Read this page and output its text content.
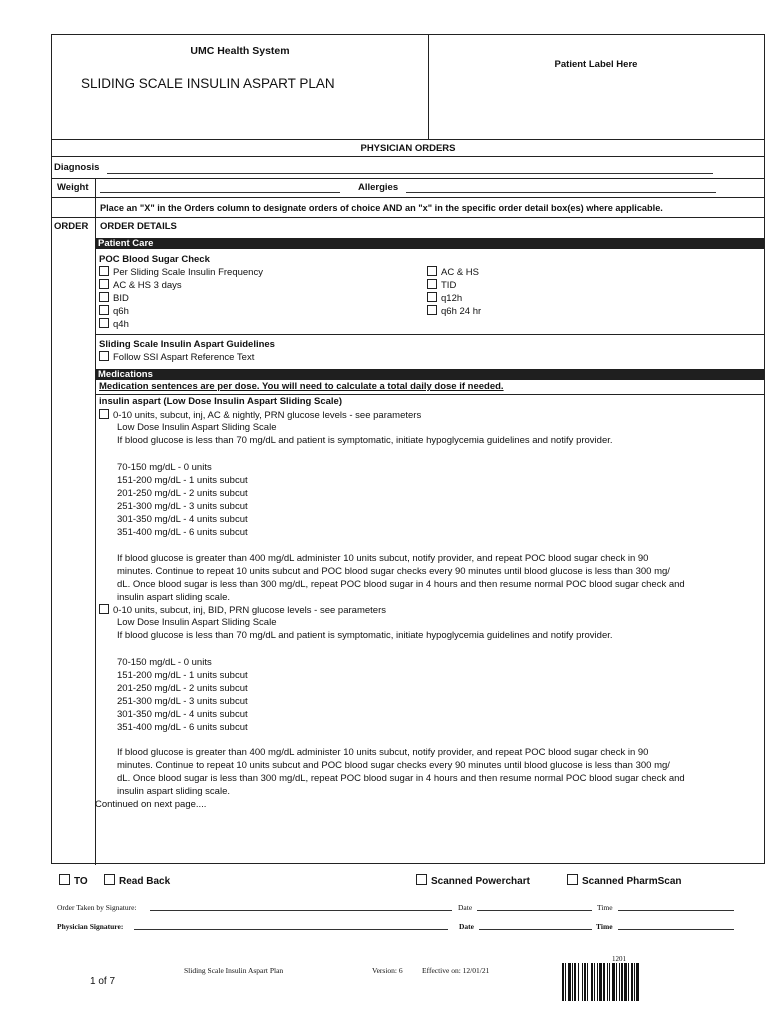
UMC Health System
SLIDING SCALE INSULIN ASPART PLAN
Patient Label Here
PHYSICIAN ORDERS
Diagnosis
Weight	Allergies
Place an "X" in the Orders column to designate orders of choice AND an "x" in the specific order detail box(es) where applicable.
ORDER ORDER DETAILS
Patient Care
POC Blood Sugar Check
Per Sliding Scale Insulin Frequency
AC & HS 3 days
BID
q6h
q4h
AC & HS
TID
q12h
q6h 24 hr
Sliding Scale Insulin Aspart Guidelines
Follow SSI Aspart Reference Text
Medications
Medication sentences are per dose. You will need to calculate a total daily dose if needed.
insulin aspart (Low Dose Insulin Aspart Sliding Scale)
0-10 units, subcut, inj, AC & nightly, PRN glucose levels - see parameters
Low Dose Insulin Aspart Sliding Scale
If blood glucose is less than 70 mg/dL and patient is symptomatic, initiate hypoglycemia guidelines and notify provider.
70-150 mg/dL - 0 units
151-200 mg/dL - 1 units subcut
201-250 mg/dL - 2 units subcut
251-300 mg/dL - 3 units subcut
301-350 mg/dL - 4 units subcut
351-400 mg/dL - 6 units subcut
If blood glucose is greater than 400 mg/dL administer 10 units subcut, notify provider, and repeat POC blood sugar check in 90
minutes. Continue to repeat 10 units subcut and POC blood sugar checks every 90 minutes until blood glucose is less than 300 mg/
dL. Once blood sugar is less than 300 mg/dL, repeat POC blood sugar in 4 hours and then resume normal POC blood sugar check and
insulin aspart sliding scale.
0-10 units, subcut, inj, BID, PRN glucose levels - see parameters
Low Dose Insulin Aspart Sliding Scale
If blood glucose is less than 70 mg/dL and patient is symptomatic, initiate hypoglycemia guidelines and notify provider.
70-150 mg/dL - 0 units
151-200 mg/dL - 1 units subcut
201-250 mg/dL - 2 units subcut
251-300 mg/dL - 3 units subcut
301-350 mg/dL - 4 units subcut
351-400 mg/dL - 6 units subcut
If blood glucose is greater than 400 mg/dL administer 10 units subcut, notify provider, and repeat POC blood sugar check in 90
minutes. Continue to repeat 10 units subcut and POC blood sugar checks every 90 minutes until blood glucose is less than 300 mg/
dL. Once blood sugar is less than 300 mg/dL, repeat POC blood sugar in 4 hours and then resume normal POC blood sugar check and
insulin aspart sliding scale.
Continued on next page....
TO	Read Back	Scanned Powerchart	Scanned PharmScan
Order Taken by Signature:	Date	Time
Physician Signature:	Date	Time
Sliding Scale Insulin Aspart Plan	Version: 6	Effective on: 12/01/21
1 of 7
1201
